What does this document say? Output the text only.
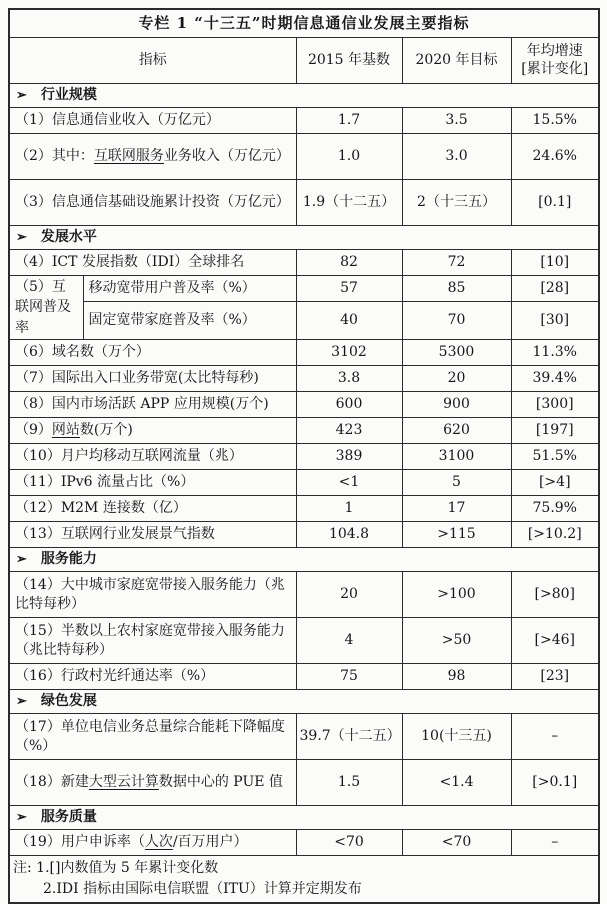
专栏 1 “十三五”时期信息通信业发展主要指标				
指标		2015 年基数	2020 年目标	年均增速
[累计变化]

➢ 行业规模				
（1）信息通信业收入（万亿元）		1.7	3.5	15.5%
（2）其中：互联网服务业务收入（万亿元）		1.0	3.0	24.6%
（3）信息通信基础设施累计投资（万亿元）		1.9（十二五）	2（十三五）	[0.1]
➢ 发展水平				
（4）ICT 发展指数（IDI）全球排名		82	72	[10]
（5）互联网普及率	移动宽带用户普及率（%）	57	85	[28]
	固定宽带家庭普及率（%）	40	70	[30]
（6）域名数（万个）		3102	5300	11.3%
（7）国际出入口业务带宽(太比特每秒)		3.8	20	39.4%
（8）国内市场活跃 APP 应用规模(万个)		600	900	[300]
（9）网站数(万个)		423	620	[197]
（10）月户均移动互联网流量（兆）		389	3100	51.5%
（11）IPv6 流量占比（%）		<1	5	[>4]
（12）M2M 连接数（亿）		1	17	75.9%
（13）互联网行业发展景气指数		104.8	>115	[>10.2]
➢ 服务能力				
（14）大中城市家庭宽带接入服务能力（兆比特每秒）		20	>100	[>80]
（15）半数以上农村家庭宽带接入服务能力（兆比特每秒）		4	>50	[>46]
（16）行政村光纤通达率（%）		75	98	[23]
➢ 绿色发展				
（17）单位电信业务总量综合能耗下降幅度（%）		39.7（十二五）	10(十三五)	–
（18）新建大型云计算数据中心的 PUE 值		1.5	<1.4	[>0.1]
➢ 服务质量				
（19）用户申诉率（人次/百万用户）		<70	<70	–

注: 1.[]内数值为 5 年累计变化数
2.IDI 指标由国际电信联盟（ITU）计算并定期发布				
